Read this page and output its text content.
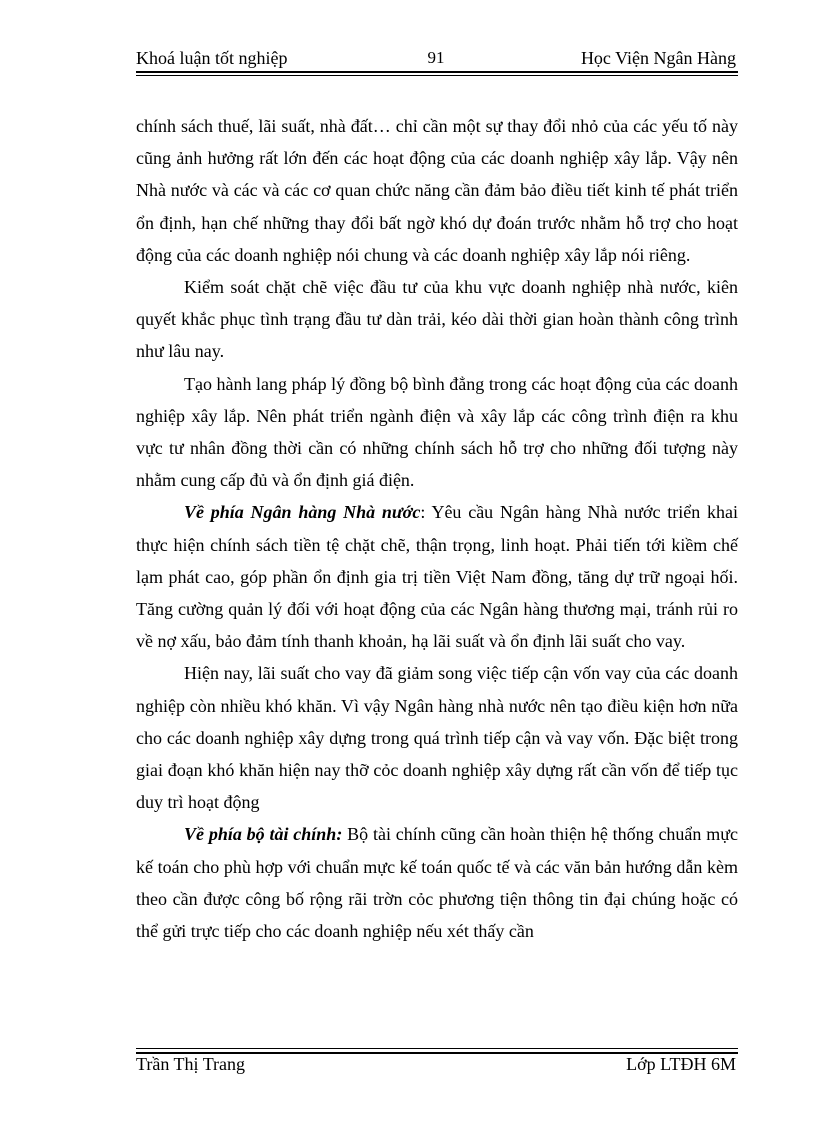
Khoá luận tốt nghiệp	91	Học Viện Ngân Hàng

chính sách thuế, lãi suất, nhà đất… chỉ cần một sự thay đổi nhỏ của các yếu tố này cũng ảnh hưởng rất lớn đến các hoạt động của các doanh nghiệp xây lắp. Vậy nên Nhà nước và các và các cơ quan chức năng cần đảm bảo điều tiết kinh tế phát triển ổn định, hạn chế những thay đổi bất ngờ khó dự đoán trước nhằm hỗ trợ cho hoạt động của các doanh nghiệp nói chung và các doanh nghiệp xây lắp nói riêng.

Kiểm soát chặt chẽ việc đầu tư của khu vực doanh nghiệp nhà nước, kiên quyết khắc phục tình trạng đầu tư dàn trải, kéo dài thời gian hoàn thành công trình như lâu nay.

Tạo hành lang pháp lý đồng bộ bình đẳng trong các hoạt động của các doanh nghiệp xây lắp. Nên phát triển ngành điện và xây lắp các công trình điện ra khu vực tư nhân đồng thời cần có những chính sách hỗ trợ cho những đối tượng này nhằm cung cấp đủ và ổn định giá điện.

Về phía Ngân hàng Nhà nước: Yêu cầu Ngân hàng Nhà nước triển khai thực hiện chính sách tiền tệ chặt chẽ, thận trọng, linh hoạt. Phải tiến tới kiềm chế lạm phát cao, góp phần ổn định gia trị tiền Việt Nam đồng, tăng dự trữ ngoại hối. Tăng cường quản lý đối với hoạt động của các Ngân hàng thương mại, tránh rủi ro về nợ xấu, bảo đảm tính thanh khoản, hạ lãi suất và ổn định lãi suất cho vay.

Hiện nay, lãi suất cho vay đã giảm song việc tiếp cận vốn vay của các doanh nghiệp còn nhiều khó khăn. Vì vậy Ngân hàng nhà nước nên tạo điều kiện hơn nữa cho các doanh nghiệp xây dựng trong quá trình tiếp cận và vay vốn. Đặc biệt trong giai đoạn khó khăn hiện nay thỡ cỏc doanh nghiệp xây dựng rất cần vốn để tiếp tục duy trì hoạt động

Về phía bộ tài chính: Bộ tài chính cũng cần hoàn thiện hệ thống chuẩn mực kế toán cho phù hợp với chuẩn mực kế toán quốc tế và các văn bản hướng dẫn kèm theo cần được công bố rộng rãi trờn cỏc phương tiện thông tin đại chúng hoặc có thể gửi trực tiếp cho các doanh nghiệp nếu xét thấy cần

Trần Thị Trang	Lớp LTĐH 6M
